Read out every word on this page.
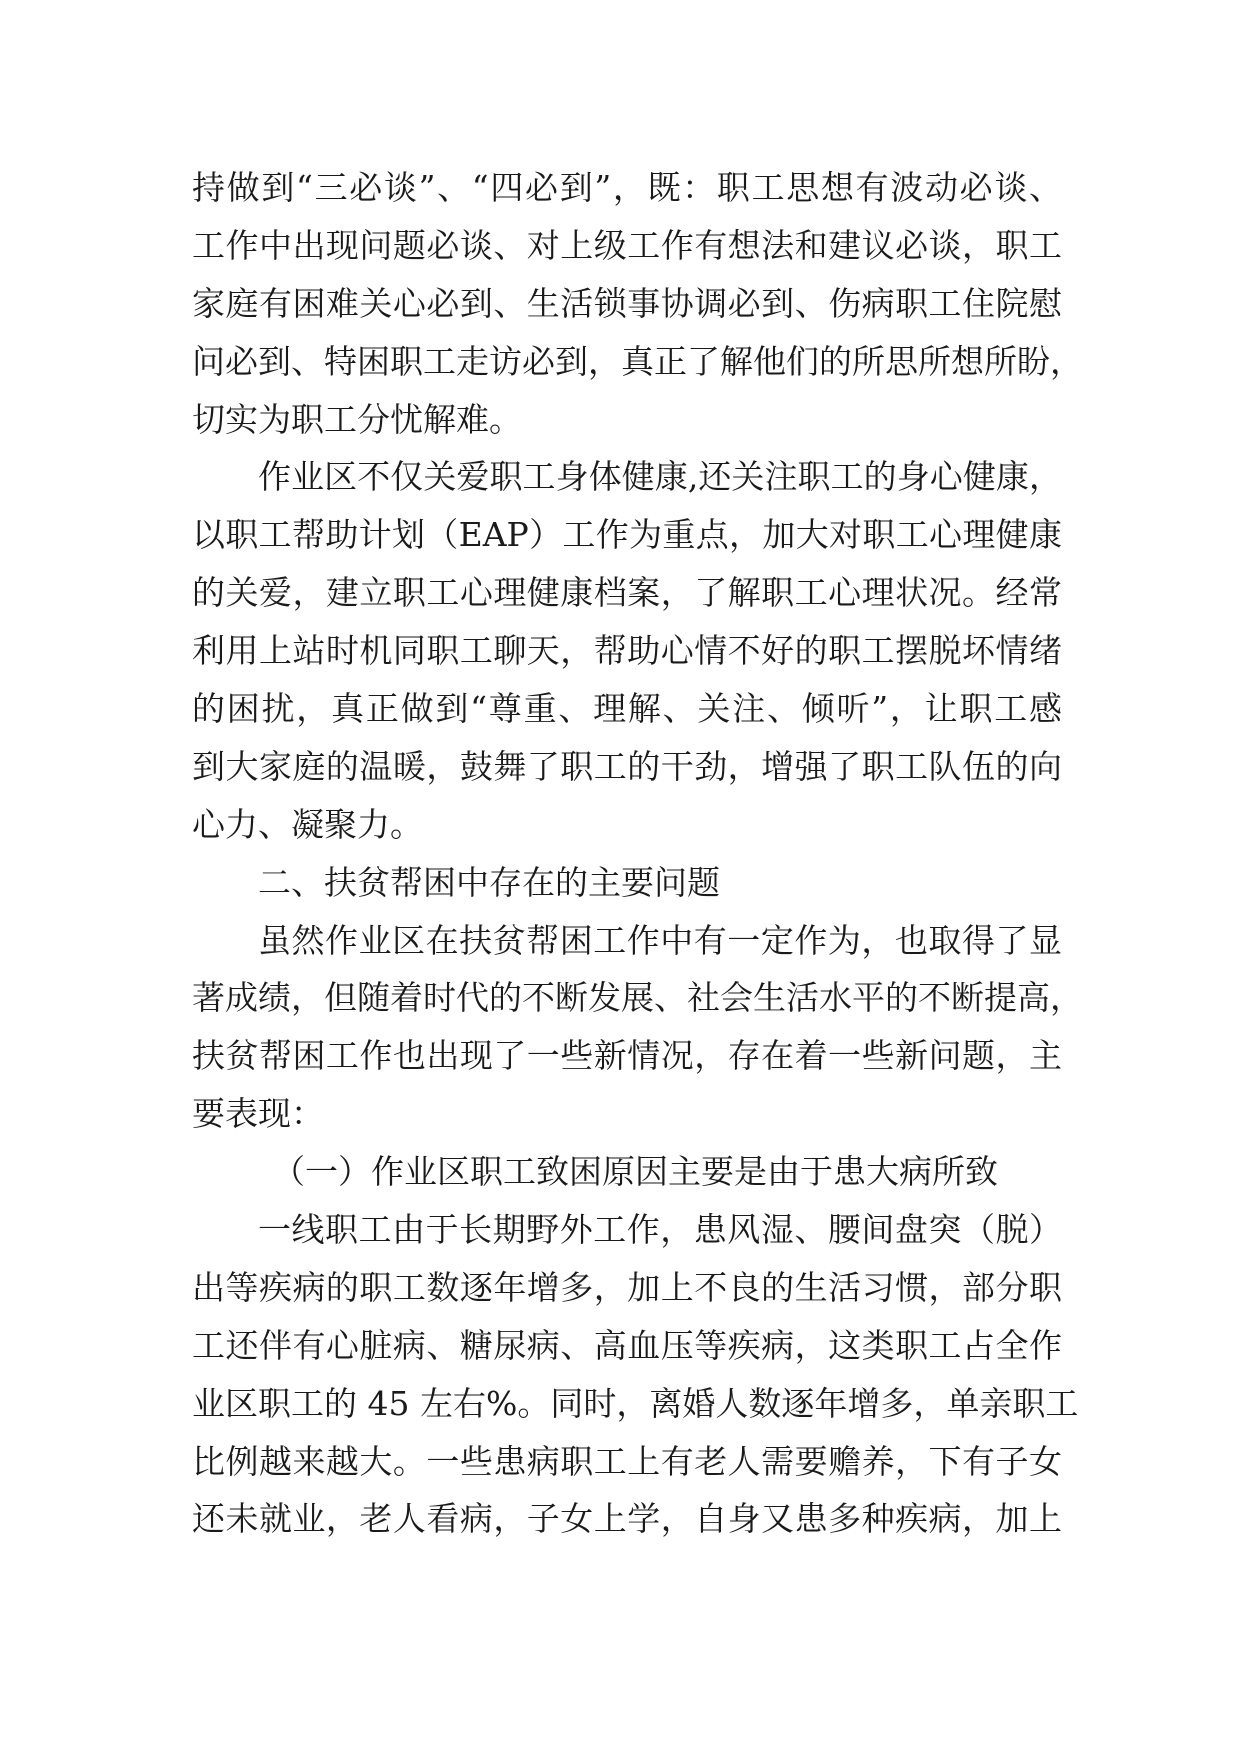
持做到“三必谈”、“四必到”，既：职工思想有波动必谈、
工作中出现问题必谈、对上级工作有想法和建议必谈，职工
家庭有困难关心必到、生活锁事协调必到、伤病职工住院慰
问必到、特困职工走访必到，真正了解他们的所思所想所盼，
切实为职工分忧解难。
作业区不仅关爱职工身体健康,还关注职工的身心健康，
以职工帮助计划（EAP）工作为重点，加大对职工心理健康
的关爱，建立职工心理健康档案，了解职工心理状况。经常
利用上站时机同职工聊天，帮助心情不好的职工摆脱坏情绪
的困扰，真正做到“尊重、理解、关注、倾听”，让职工感
到大家庭的温暖，鼓舞了职工的干劲，增强了职工队伍的向
心力、凝聚力。
二、扶贫帮困中存在的主要问题
虽然作业区在扶贫帮困工作中有一定作为，也取得了显
著成绩，但随着时代的不断发展、社会生活水平的不断提高，
扶贫帮困工作也出现了一些新情况，存在着一些新问题，主
要表现：
（一）作业区职工致困原因主要是由于患大病所致
一线职工由于长期野外工作，患风湿、腰间盘突（脱）
出等疾病的职工数逐年增多，加上不良的生活习惯，部分职
工还伴有心脏病、糖尿病、高血压等疾病，这类职工占全作
业区职工的 45 左右%。同时，离婚人数逐年增多，单亲职工
比例越来越大。一些患病职工上有老人需要赡养，下有子女
还未就业，老人看病，子女上学，自身又患多种疾病，加上
